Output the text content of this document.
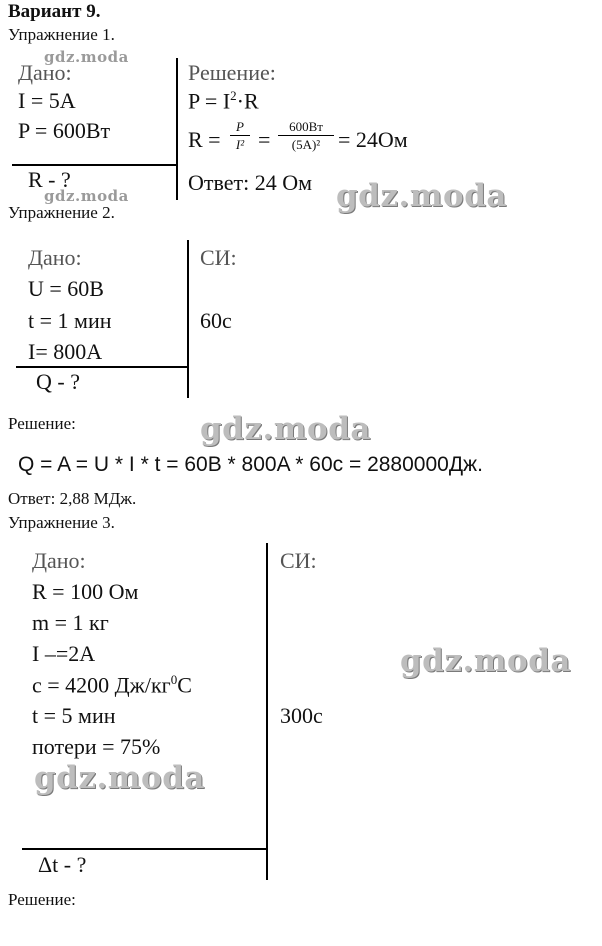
Вариант 9.
Упражнение 1.
Дано:
I = 5A
P = 600Вт
R - ?
Решение:
$P = I^2\cdot R$
R =
P
I² =
600Вт
(5A)² = 24Ом
Ответ: 24 Ом
Упражнение 2.
Дано:
U = 60В
t = 1 мин
I= 800A
Q - ?
СИ:
60с
Решение:
Q = A = U * I * t = 60В * 800A * 60с = 2880000Дж.
Ответ: 2,88 МДж.
Упражнение 3.
Дано:
R = 100 Ом
m = 1 кг
I –=2A
c = 4200 $Дж/кг^0C$
t = 5 мин
потери = 75%
Δt - ?
СИ:
300с
Решение:
gdz.moda
gdz.moda	gdz.moda
gdz.moda
gdz.moda
gdz.moda
